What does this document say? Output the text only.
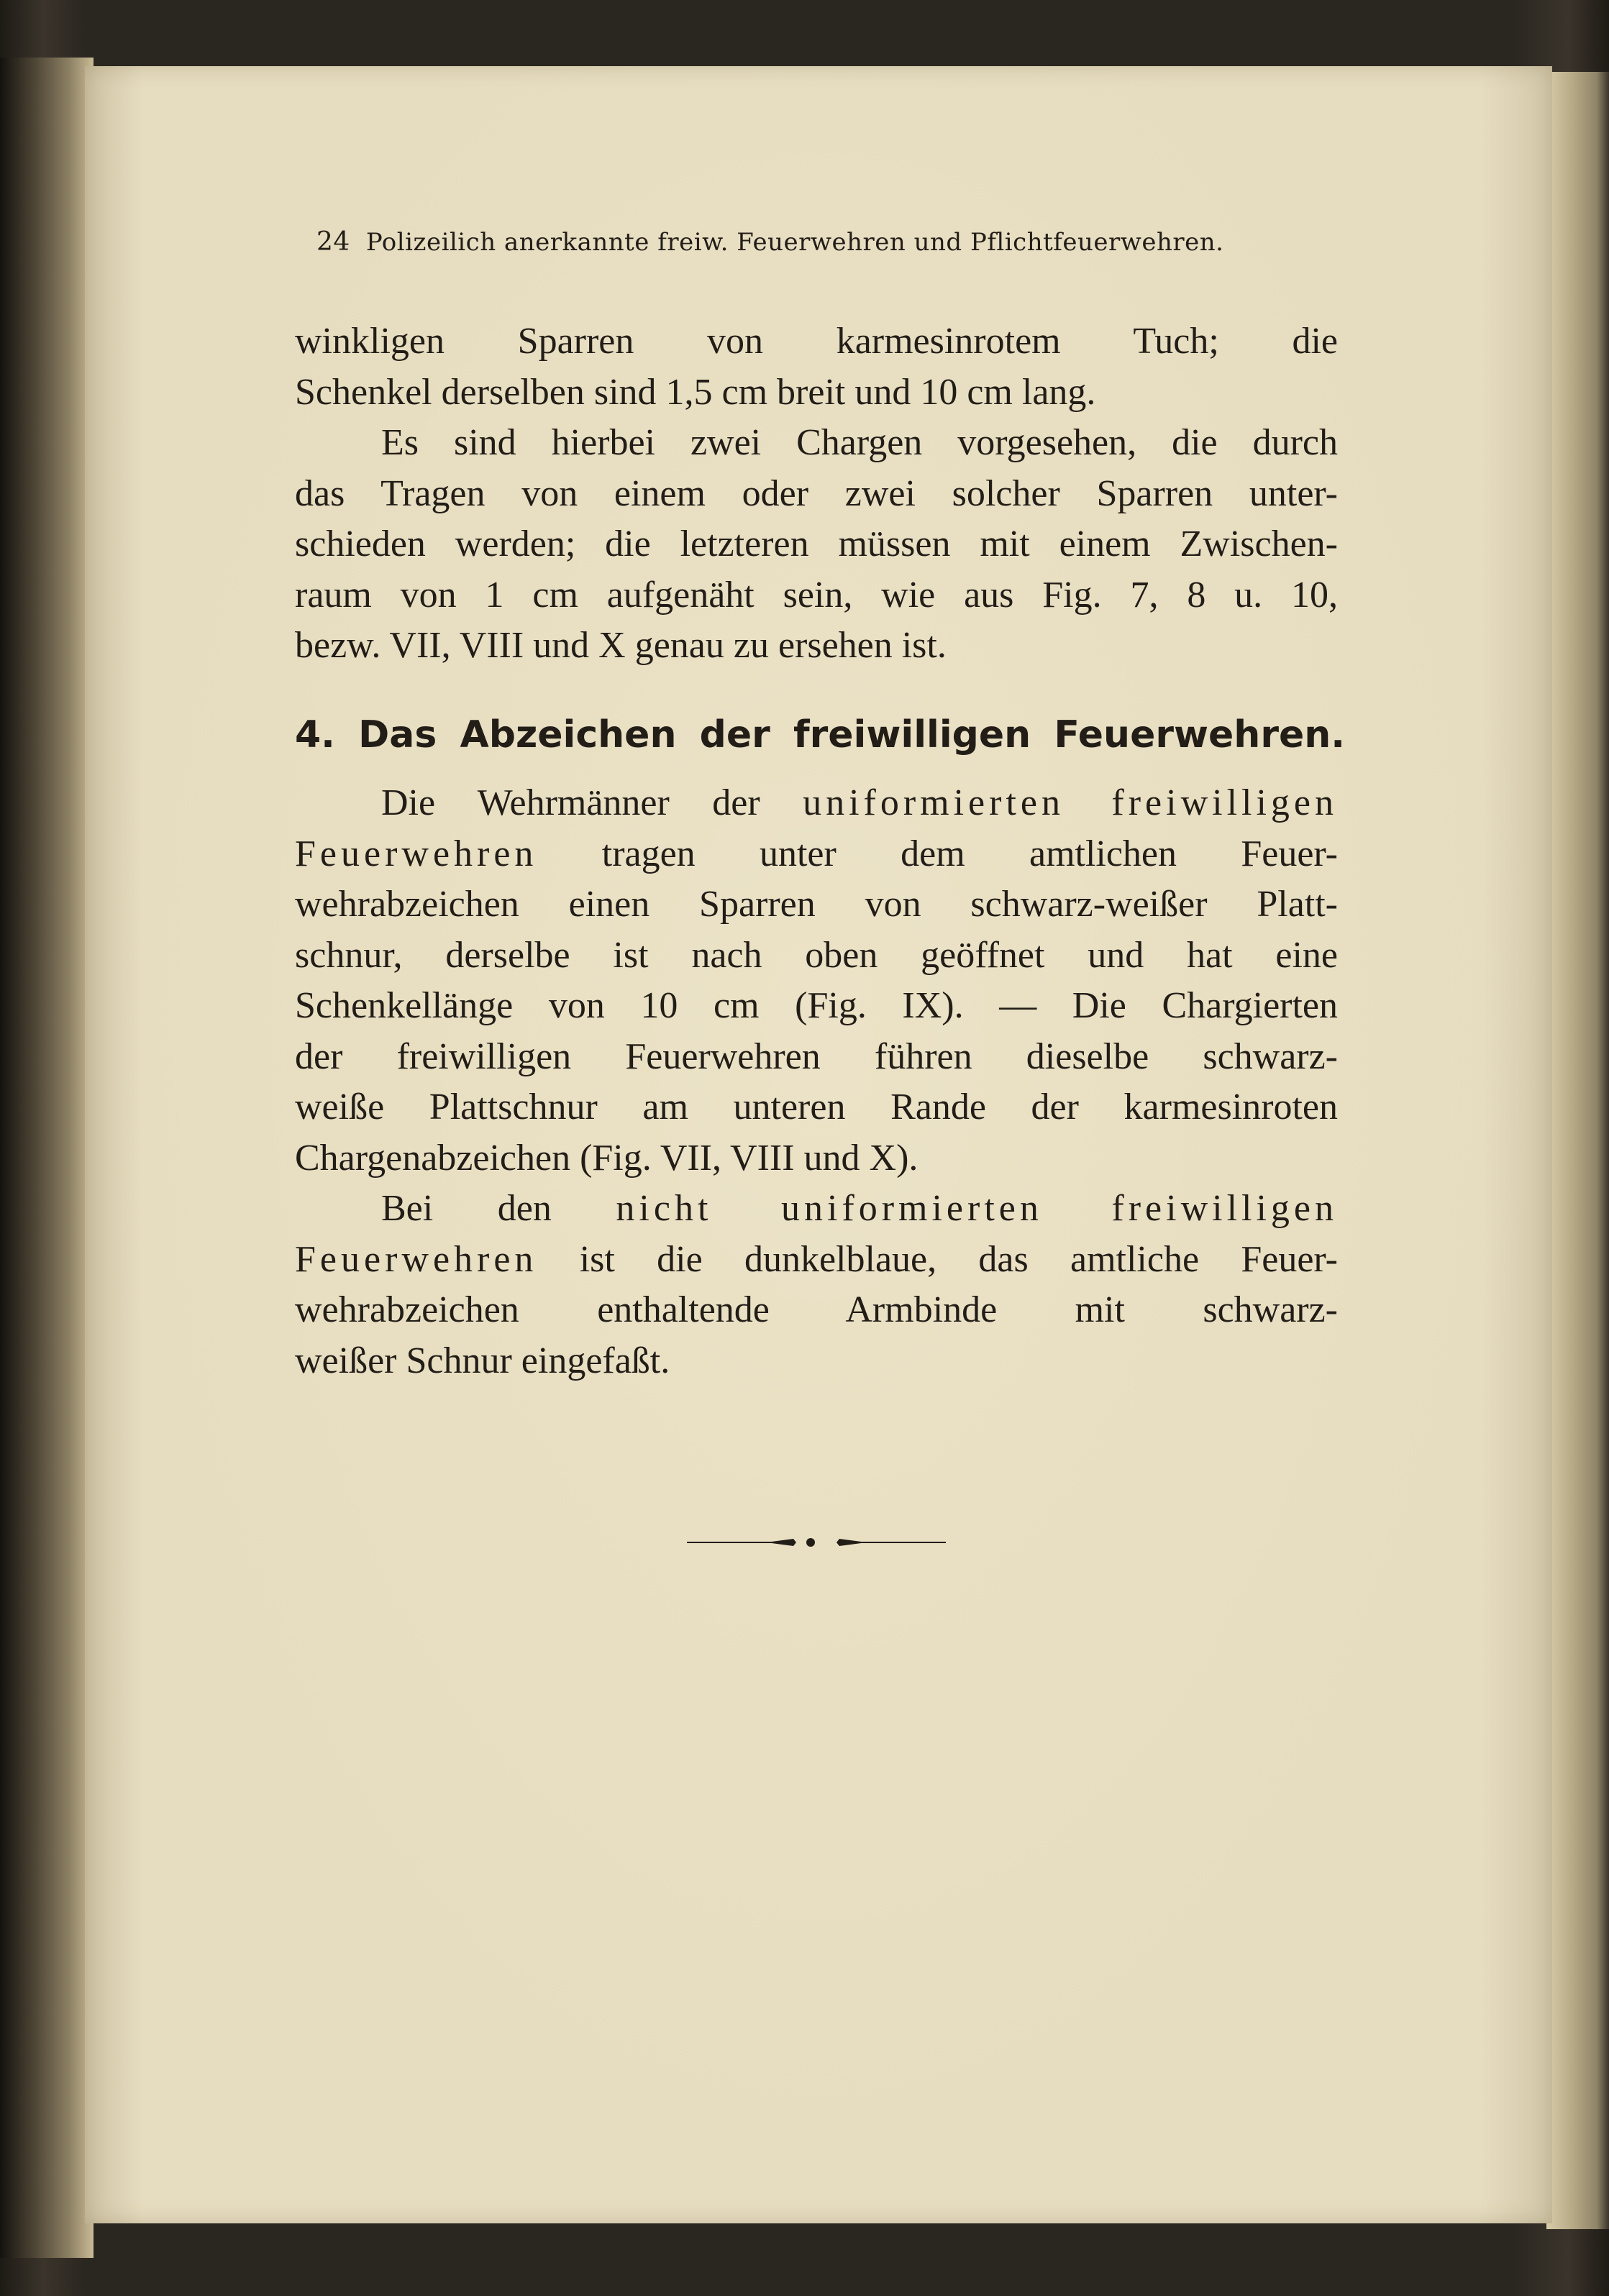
24 Polizeilich anerkannte freiw. Feuerwehren und Pflichtfeuerwehren.
winkligen Sparren von karmesinrotem Tuch; die
Schenkel derselben sind 1,5 cm breit und 10 cm lang.
Es sind hierbei zwei Chargen vorgesehen, die durch
das Tragen von einem oder zwei solcher Sparren unter-
schieden werden; die letzteren müssen mit einem Zwischen-
raum von 1 cm aufgenäht sein, wie aus Fig. 7, 8 u. 10,
bezw. VII, VIII und X genau zu ersehen ist.
4. Das Abzeichen der freiwilligen Feuerwehren.
Die Wehrmänner der uniformierten freiwilligen
Feuerwehren tragen unter dem amtlichen Feuer-
wehrabzeichen einen Sparren von schwarz-weißer Platt-
schnur, derselbe ist nach oben geöffnet und hat eine
Schenkellänge von 10 cm (Fig. IX). — Die Chargierten
der freiwilligen Feuerwehren führen dieselbe schwarz-
weiße Plattschnur am unteren Rande der karmesinroten
Chargenabzeichen (Fig. VII, VIII und X).
Bei den nicht uniformierten freiwilligen
Feuerwehren ist die dunkelblaue, das amtliche Feuer-
wehrabzeichen enthaltende Armbinde mit schwarz-
weißer Schnur eingefaßt.
